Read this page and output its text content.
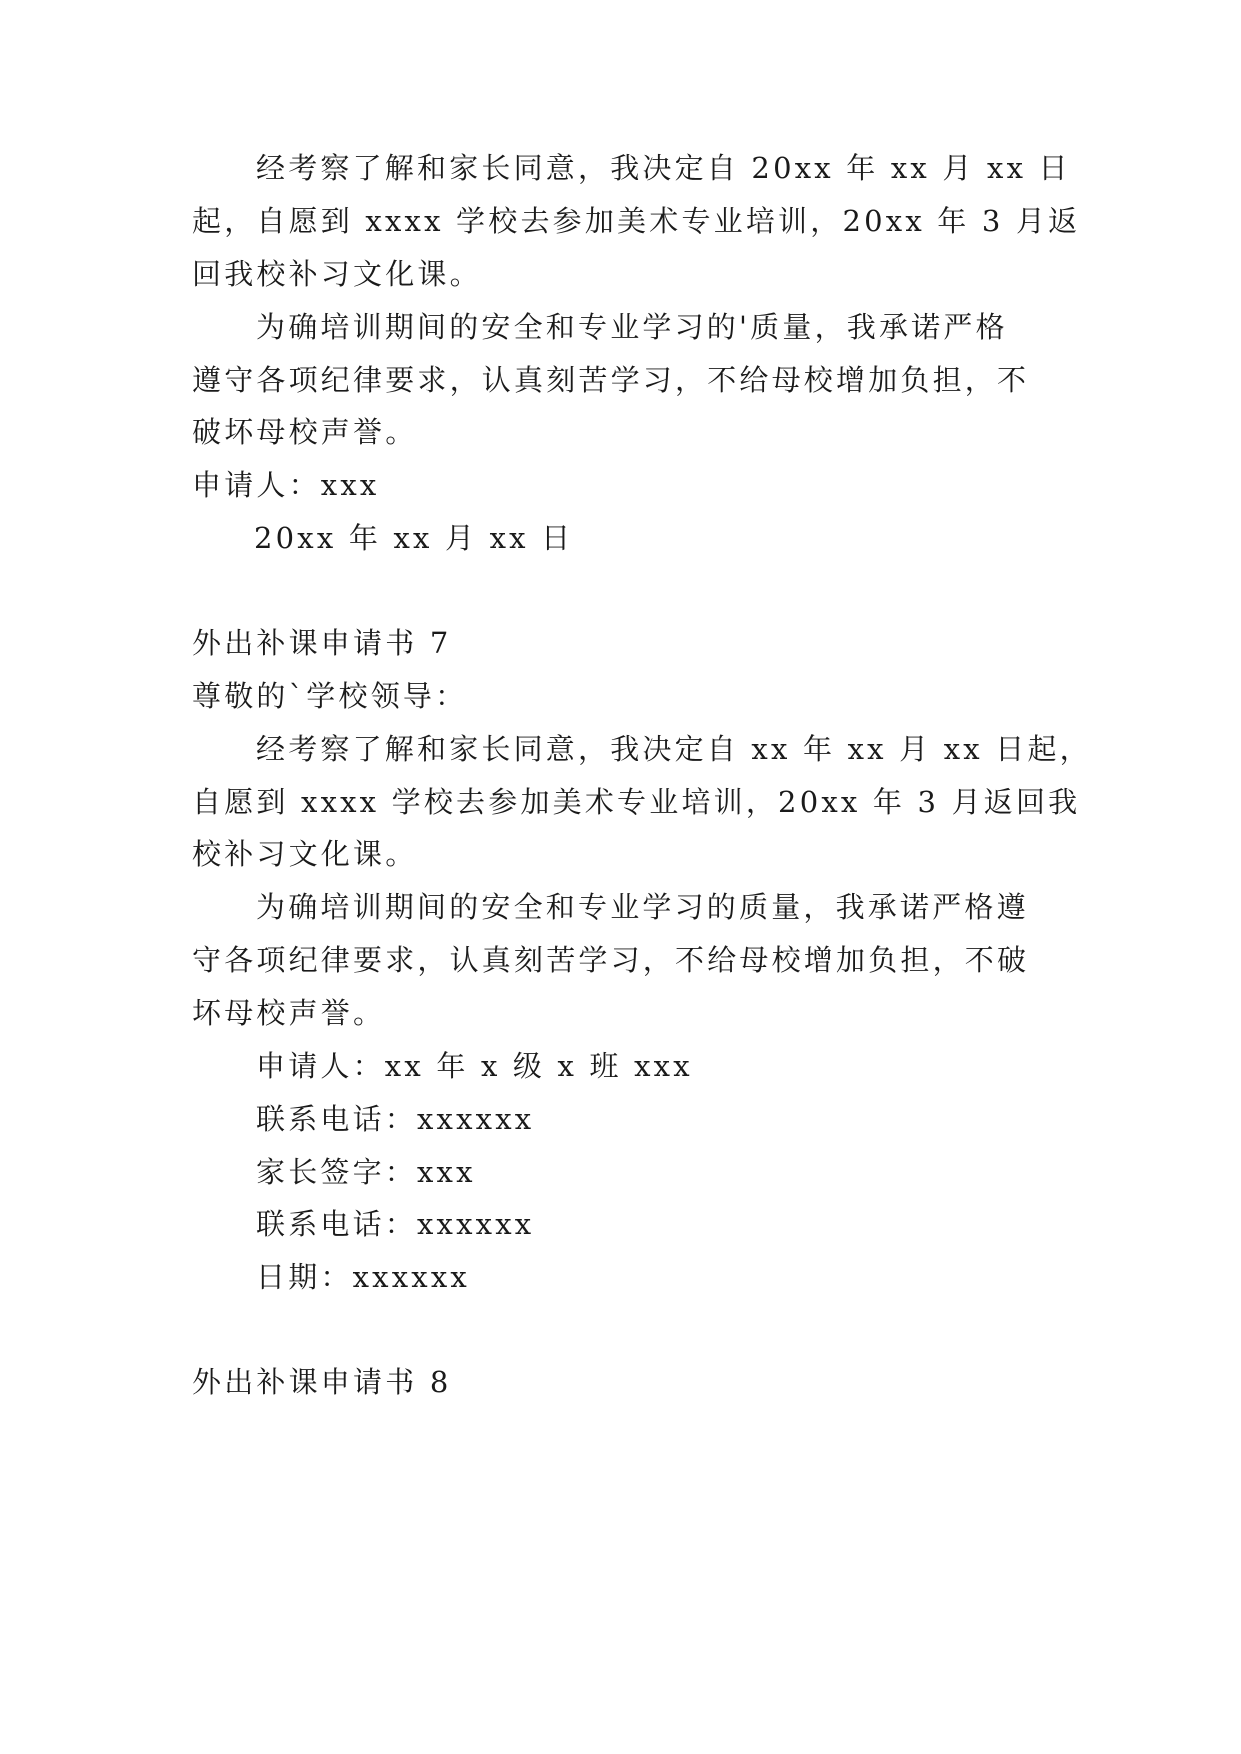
经考察了解和家长同意，我决定自 20xx 年 xx 月 xx 日
起，自愿到 xxxx 学校去参加美术专业培训，20xx 年 3 月返
回我校补习文化课。
为确培训期间的安全和专业学习的'质量，我承诺严格
遵守各项纪律要求，认真刻苦学习，不给母校增加负担，不
破坏母校声誉。
申请人：xxx
20xx 年 xx 月 xx 日
外出补课申请书 7
尊敬的`学校领导：
经考察了解和家长同意，我决定自 xx 年 xx 月 xx 日起，
自愿到 xxxx 学校去参加美术专业培训，20xx 年 3 月返回我
校补习文化课。
为确培训期间的安全和专业学习的质量，我承诺严格遵
守各项纪律要求，认真刻苦学习，不给母校增加负担，不破
坏母校声誉。
申请人：xx 年 x 级 x 班 xxx
联系电话：xxxxxx
家长签字：xxx
联系电话：xxxxxx
日期：xxxxxx
外出补课申请书 8
